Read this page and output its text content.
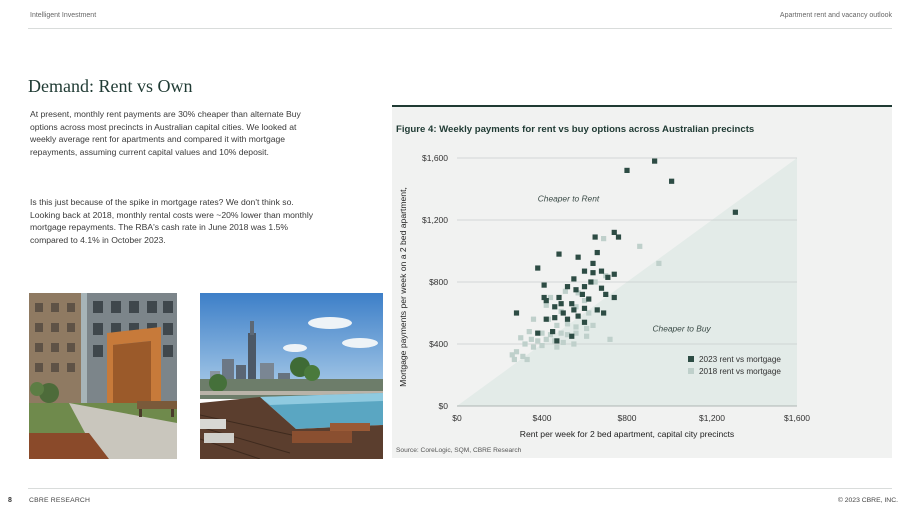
Intelligent Investment	Apartment rent and vacancy outlook
Demand: Rent vs Own

At present, monthly rent payments are 30% cheaper than alternate Buy options across most precincts in Australian capital cities. We looked at weekly average rent for apartments and compared it with mortgage repayments, assuming current capital values and 10% deposit.

Is this just because of the spike in mortgage rates? We don't think so. Looking back at 2018, monthly rental costs were ~20% lower than monthly mortgage repayments. The RBA's cash rate in June 2018 was 1.5% compared to 4.1% in October 2023.

Figure 4: Weekly payments for rent vs buy options across Australian precincts
$0
$400
$800
$1,200
$1,600
$0	$400	$800	$1,200	$1,600
Cheaper to Rent
Cheaper to Buy
Rent per week for 2 bed apartment, capital city precincts
Mortgage payments per week on a 2 bed apartment,	2023 rent vs mortgage
2018 rent vs mortgage
Source: CoreLogic, SQM, CBRE Research
8	CBRE RESEARCH	© 2023 CBRE, INC.
